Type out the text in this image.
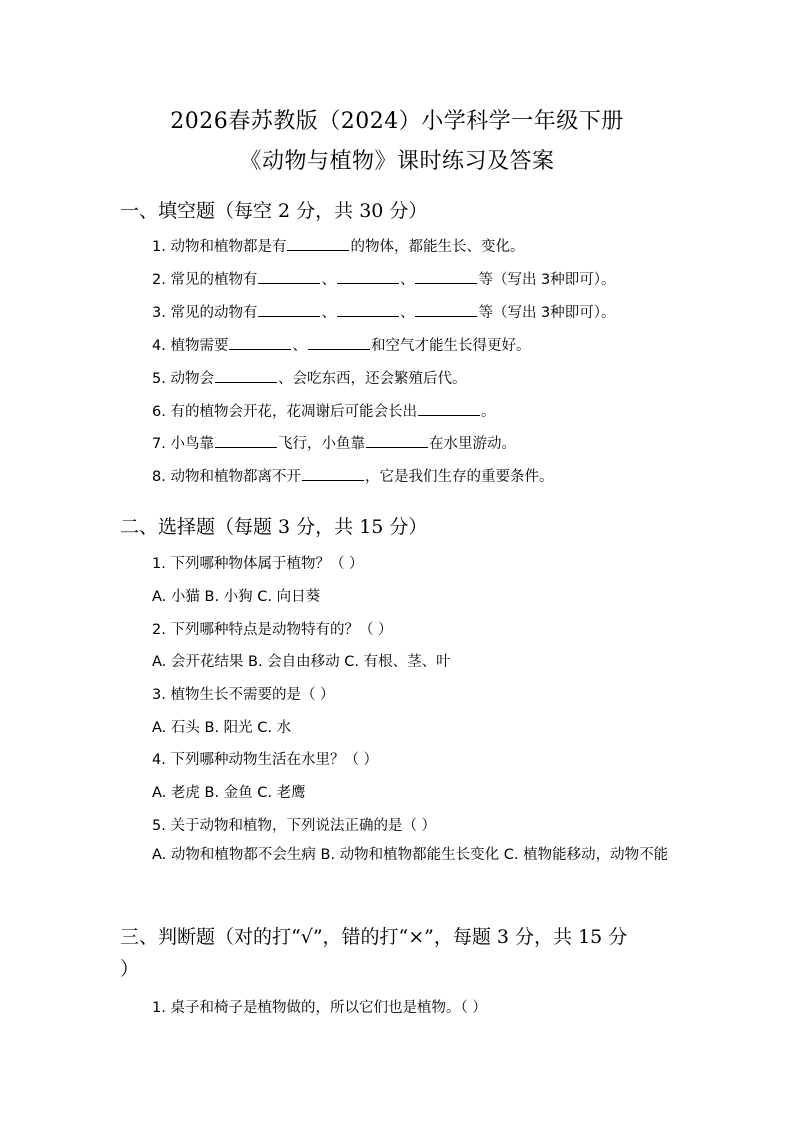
2026春苏教版（2024）小学科学一年级下册
《动物与植物》课时练习及答案
一、填空题（每空 2 分，共 30 分）
1. 动物和植物都是有	的物体，都能生长、变化。
2. 常见的植物有	、	、	等（写出 3种即可）。
3. 常见的动物有	、	、	等（写出 3种即可）。
4. 植物需要	、	和空气才能生长得更好。
5. 动物会	、会吃东西，还会繁殖后代。
6. 有的植物会开花，花凋谢后可能会长出	。
7. 小鸟靠	飞行，小鱼靠	在水里游动。
8. 动物和植物都离不开	，它是我们生存的重要条件。
二、选择题（每题 3 分，共 15 分）
1. 下列哪种物体属于植物？（ ）
A. 小猫 B. 小狗 C. 向日葵
2. 下列哪种特点是动物特有的？（ ）
A. 会开花结果 B. 会自由移动 C. 有根、茎、叶
3. 植物生长不需要的是（ ）
A. 石头 B. 阳光 C. 水
4. 下列哪种动物生活在水里？（ ）
A. 老虎 B. 金鱼 C. 老鹰
5. 关于动物和植物，下列说法正确的是（ ）
A. 动物和植物都不会生病 B. 动物和植物都能生长变化 C. 植物能移动，动物不能
三、判断题（对的打“√”，错的打“×”，每题 3 分，共 15 分
）
1. 桌子和椅子是植物做的，所以它们也是植物。（ ）
